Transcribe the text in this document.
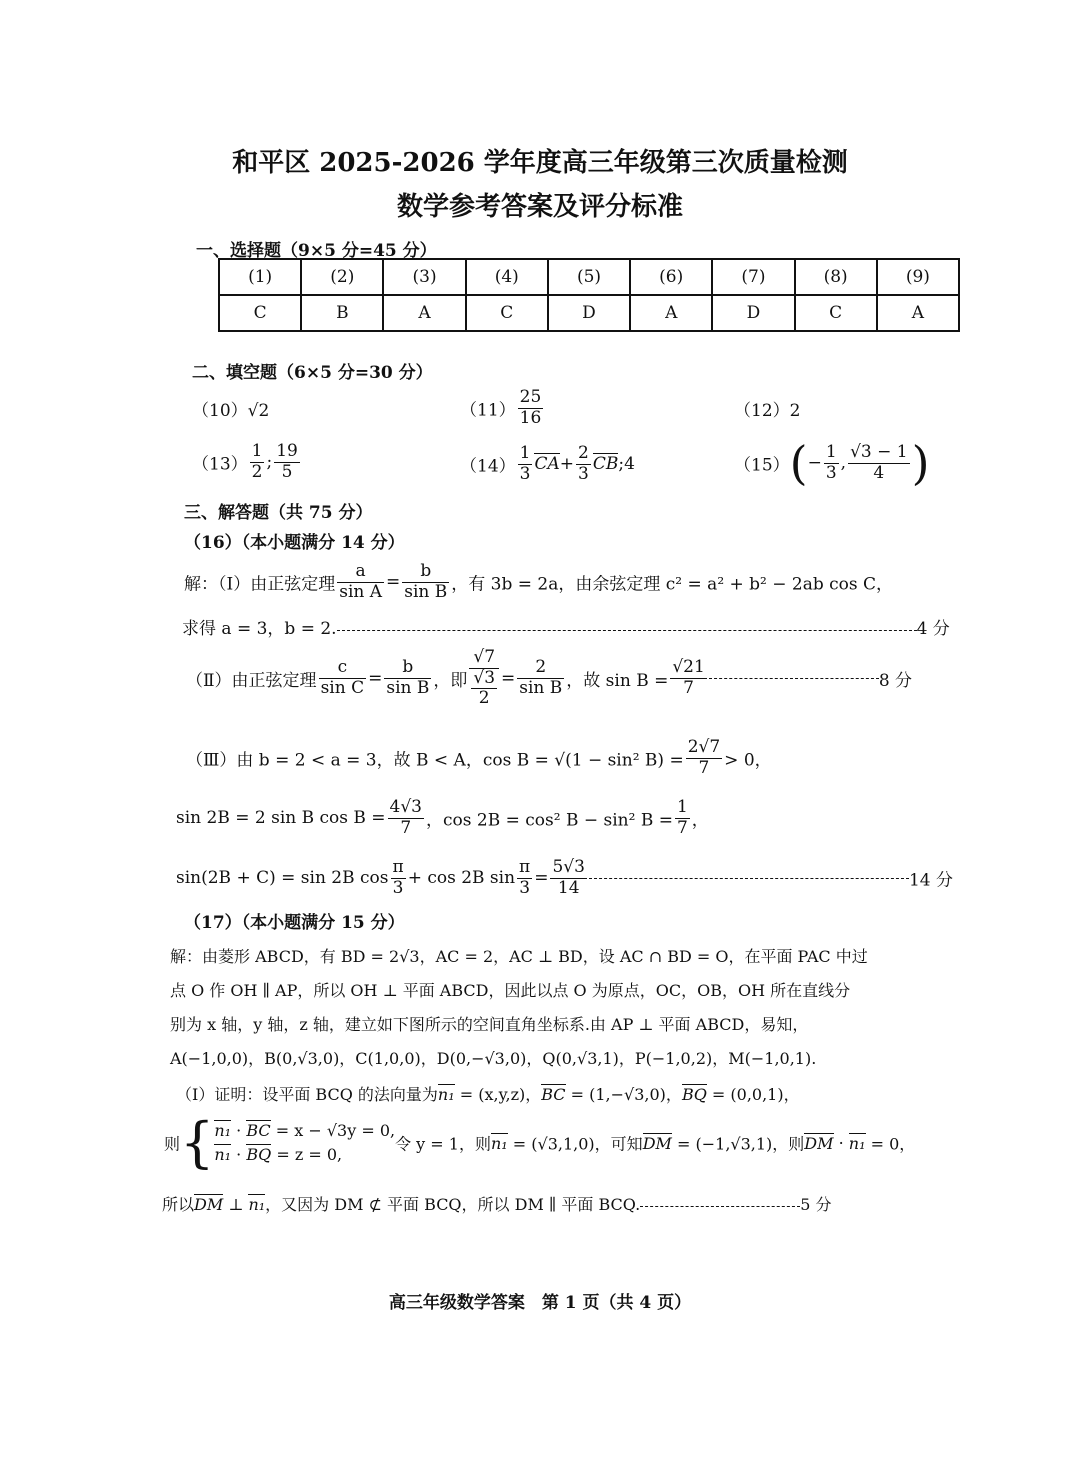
和平区 2025-2026 学年度高三年级第三次质量检测
数学参考答案及评分标准
一、选择题（9×5 分=45 分）
(1)	(2)	(3)	(4)	(5)	(6)	(7)	(8)	(9)
C	B	A	C	D	A	D	C	A
二、填空题（6×5 分=30 分）
（10）√2	$(11) \frac{25}{16}$	（12）2
$(13) \frac{1}{2}$ ; $\frac{19}{5}$	$(14) \frac{1}{3} CA+ \frac{2}{3}$ CB;4	$(15)(- \frac{1}{3}$ , $\frac{√3 - 1}{4}$ )
三、解答题（共 75 分）
（16）（本小题满分 14 分）
解：（Ⅰ）由正弦定理 $\frac{a}{\text{sin A}} = \frac{b}{\text{sin B}}$ ，有 3b = 2a，由余弦定理 c² = a² + b² − 2ab cos C，
求得 a = 3，b = 2.	4 分
（Ⅱ）由正弦定理 $\frac{c}{\text{sin C}} = \frac{b}{\text{sin B}}$ ，即 √7
√3
$2 = \frac{2}{\text{sin B}}$ ，故 $\sin B = \frac{√21}{7}$	8 分
（Ⅲ）由 b = 2 < a = 3，故 B < A，cos B = √(1 − sin² $B) = \frac{2√7}{7} > 0$，
sin 2B = 2 sin B $\cos B = \frac{4√3}{7}$ ，cos 2B = cos² B − sin² $B = \frac{1}{7}$ ，
sin(2B + C) = sin 2B $\cos \frac{\pi}{3} + \cos 2B$ $\sin \frac{\pi}{3} = \frac{5√3}{14}$	14 分
（17）（本小题满分 15 分）
解：由菱形 ABCD，有 BD = 2√3，AC = 2，AC ⊥ BD，设 AC ∩ BD = O，在平面 PAC 中过
点 O 作 OH ∥ AP，所以 OH ⊥ 平面 ABCD，因此以点 O 为原点，OC，OB，OH 所在直线分
别为 x 轴，y 轴，z 轴，建立如下图所示的空间直角坐标系.由 AP ⊥ 平面 ABCD，易知，
A(−1,0,0)，B(0,√3,0)，C(1,0,0)，D(0,−√3,0)，Q(0,√3,1)，P(−1,0,2)，M(−1,0,1).
（Ⅰ）证明：设平面 BCQ 的法向量为n₁ = (x,y,z)，BC = (1,−√3,0)，BQ = (0,0,1)，
则{ n₁ · BC = x − √3y = 0,
n₁ · BQ = z = 0,
令 y = 1，则n₁ = (√3,1,0)，可知DM = (−1,√3,1)，则DM · n₁ = 0，
所以DM ⊥ n₁，又因为 DM ⊄ 平面 BCQ，所以 DM ∥ 平面 BCQ.	5 分
高三年级数学答案　第 1 页（共 4 页）
